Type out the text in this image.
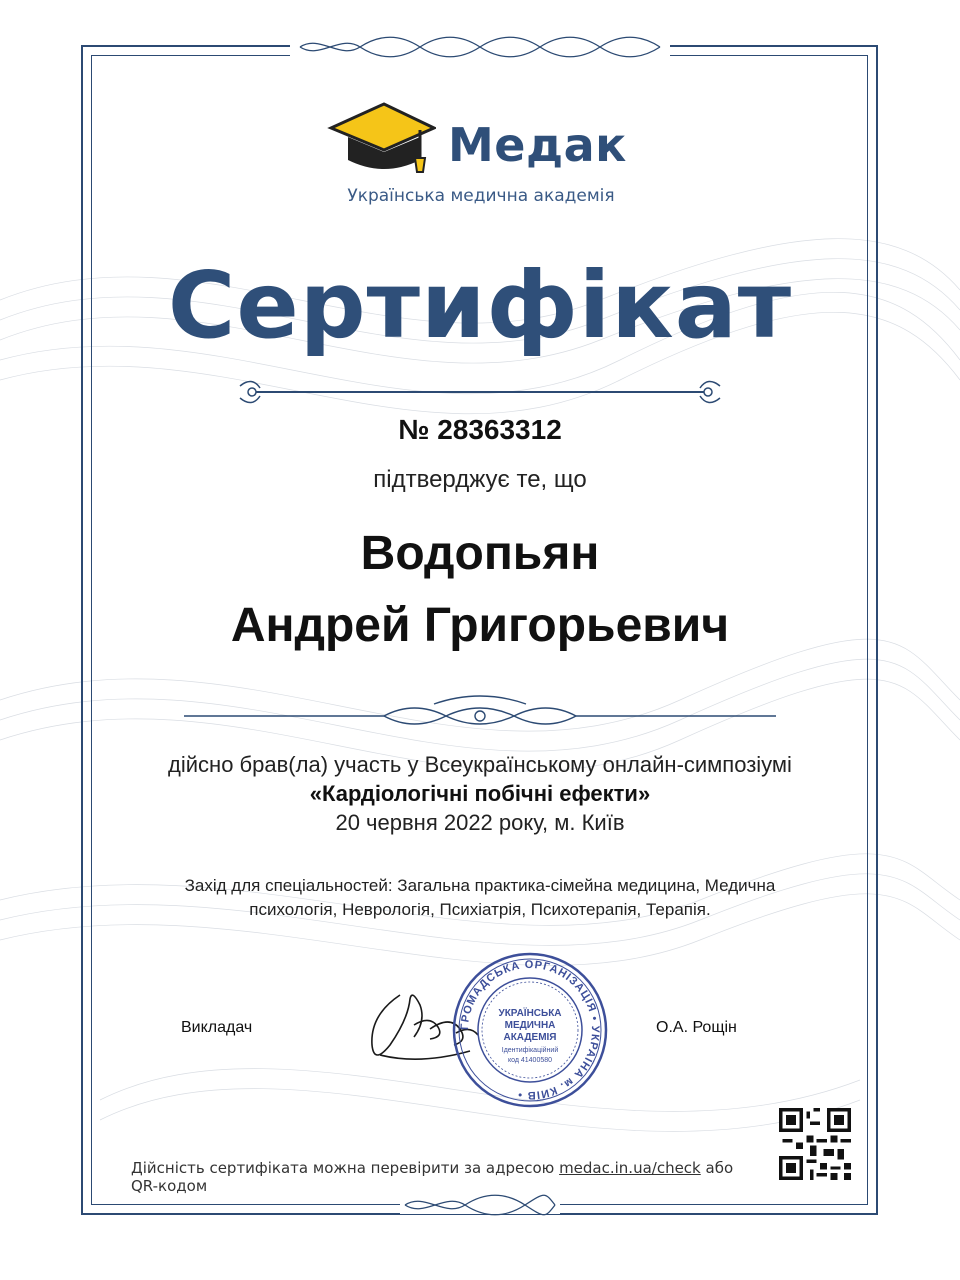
Медак
Українська медична академія
Сертифікат
№ 28363312
підтверджує те, що
Водопьян
Андрей Григорьевич
дійсно брав(ла) участь у Всеукраїнському онлайн-симпозіумі
«Кардіологічні побічні ефекти»
20 червня 2022 року, м. Київ
Захід для спеціальностей: Загальна практика-сімейна медицина, Медична
психологія, Неврологія, Психіатрія, Психотерапія, Терапія.
Викладач	ГРОМАДСЬКА ОРГАНІЗАЦІЯ • УКРАЇНА м. КИЇВ •
УКРАЇНСЬКА
МЕДИЧНА
АКАДЕМІЯ
Ідентифікаційний
код 41400580
О.А. Рощін
Дійсність сертифіката можна перевірити за адресою medac.in.ua/check або QR-кодом
